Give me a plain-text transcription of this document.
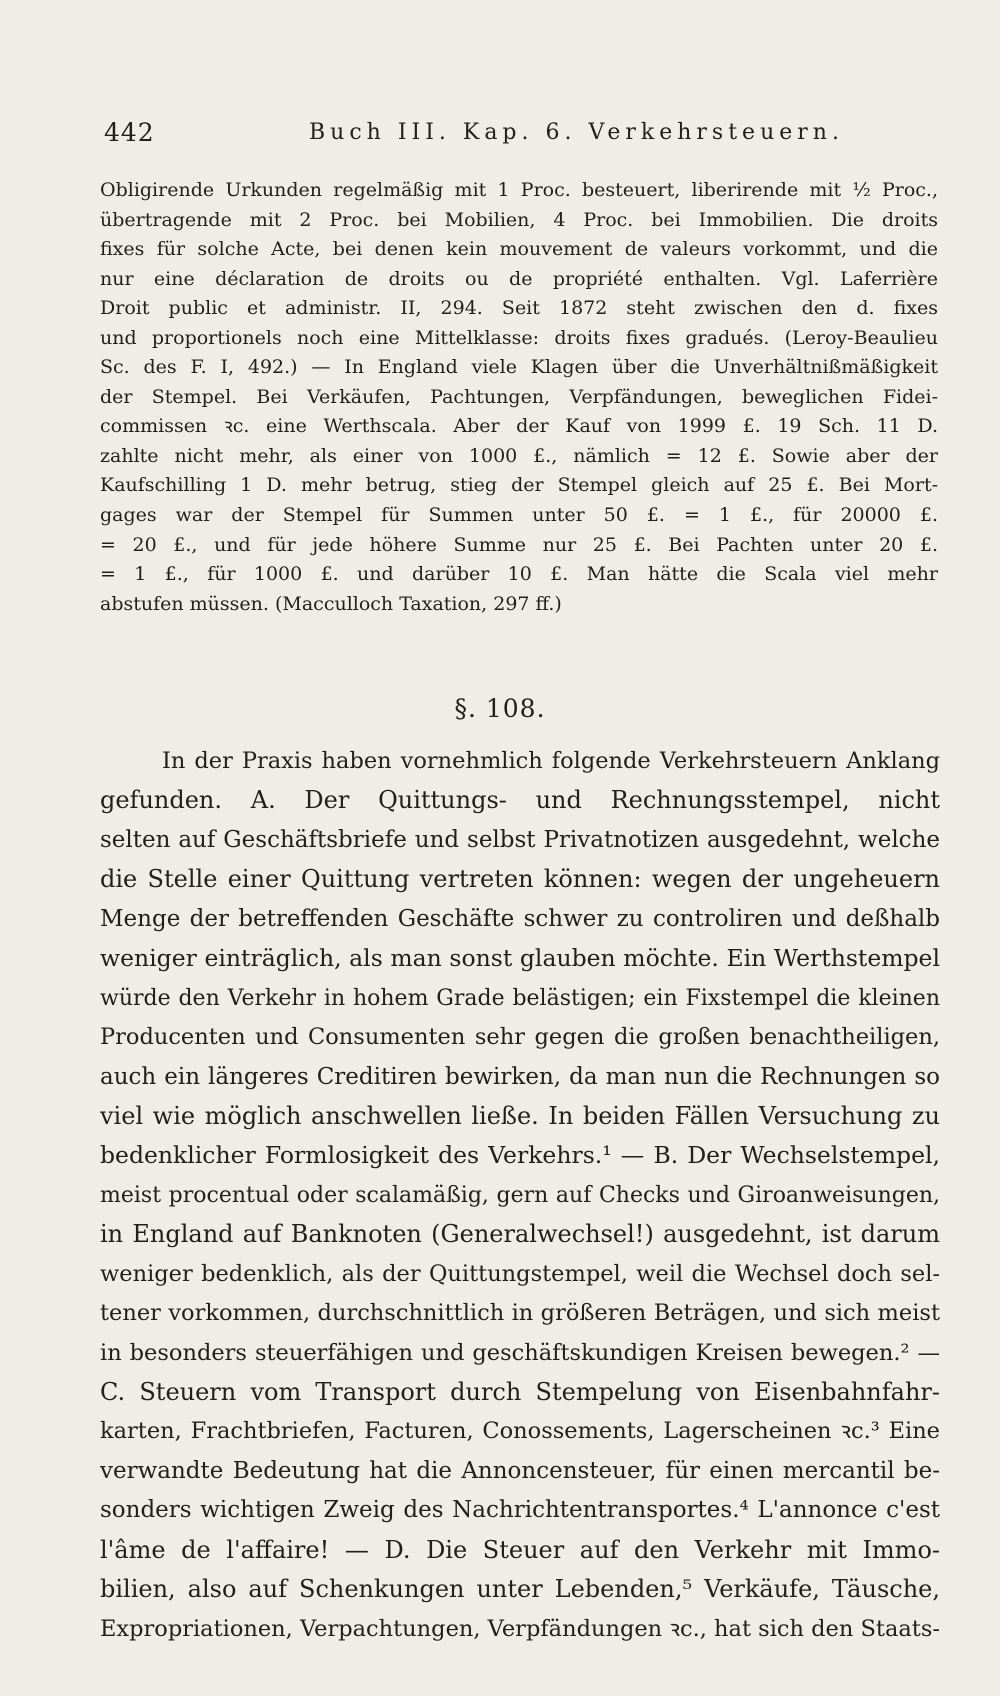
442	Buch III. Kap. 6. Verkehrsteuern.
Obligirende Urkunden regelmäßig mit 1 Proc. besteuert, liberirende mit ½ Proc.,
übertragende mit 2 Proc. bei Mobilien, 4 Proc. bei Immobilien. Die droits
fixes für solche Acte, bei denen kein mouvement de valeurs vorkommt, und die
nur eine déclaration de droits ou de propriété enthalten. Vgl. Laferrière
Droit public et administr. II, 294. Seit 1872 steht zwischen den d. fixes
und proportionels noch eine Mittelklasse: droits fixes gradués. (Leroy-Beaulieu
Sc. des F. I, 492.) — In England viele Klagen über die Unverhältnißmäßigkeit
der Stempel. Bei Verkäufen, Pachtungen, Verpfändungen, beweglichen Fidei-
commissen ꝛc. eine Werthscala. Aber der Kauf von 1999 £. 19 Sch. 11 D.
zahlte nicht mehr, als einer von 1000 £., nämlich = 12 £. Sowie aber der
Kaufschilling 1 D. mehr betrug, stieg der Stempel gleich auf 25 £. Bei Mort-
gages war der Stempel für Summen unter 50 £. = 1 £., für 20000 £.
= 20 £., und für jede höhere Summe nur 25 £. Bei Pachten unter 20 £.
= 1 £., für 1000 £. und darüber 10 £. Man hätte die Scala viel mehr
abstufen müssen. (Macculloch Taxation, 297 ff.)
§. 108.
In der Praxis haben vornehmlich folgende Verkehrsteuern Anklang
gefunden. A. Der Quittungs- und Rechnungsstempel, nicht
selten auf Geschäftsbriefe und selbst Privatnotizen ausgedehnt, welche
die Stelle einer Quittung vertreten können: wegen der ungeheuern
Menge der betreffenden Geschäfte schwer zu controliren und deßhalb
weniger einträglich, als man sonst glauben möchte. Ein Werthstempel
würde den Verkehr in hohem Grade belästigen; ein Fixstempel die kleinen
Producenten und Consumenten sehr gegen die großen benachtheiligen,
auch ein längeres Creditiren bewirken, da man nun die Rechnungen so
viel wie möglich anschwellen ließe. In beiden Fällen Versuchung zu
bedenklicher Formlosigkeit des Verkehrs.¹ — B. Der Wechselstempel,
meist procentual oder scalamäßig, gern auf Checks und Giroanweisungen,
in England auf Banknoten (Generalwechsel!) ausgedehnt, ist darum
weniger bedenklich, als der Quittungstempel, weil die Wechsel doch sel-
tener vorkommen, durchschnittlich in größeren Beträgen, und sich meist
in besonders steuerfähigen und geschäftskundigen Kreisen bewegen.² —
C. Steuern vom Transport durch Stempelung von Eisenbahnfahr-
karten, Frachtbriefen, Facturen, Conossements, Lagerscheinen ꝛc.³ Eine
verwandte Bedeutung hat die Annoncensteuer, für einen mercantil be-
sonders wichtigen Zweig des Nachrichtentransportes.⁴ L'annonce c'est
l'âme de l'affaire! — D. Die Steuer auf den Verkehr mit Immo-
bilien, also auf Schenkungen unter Lebenden,⁵ Verkäufe, Täusche,
Expropriationen, Verpachtungen, Verpfändungen ꝛc., hat sich den Staats-
